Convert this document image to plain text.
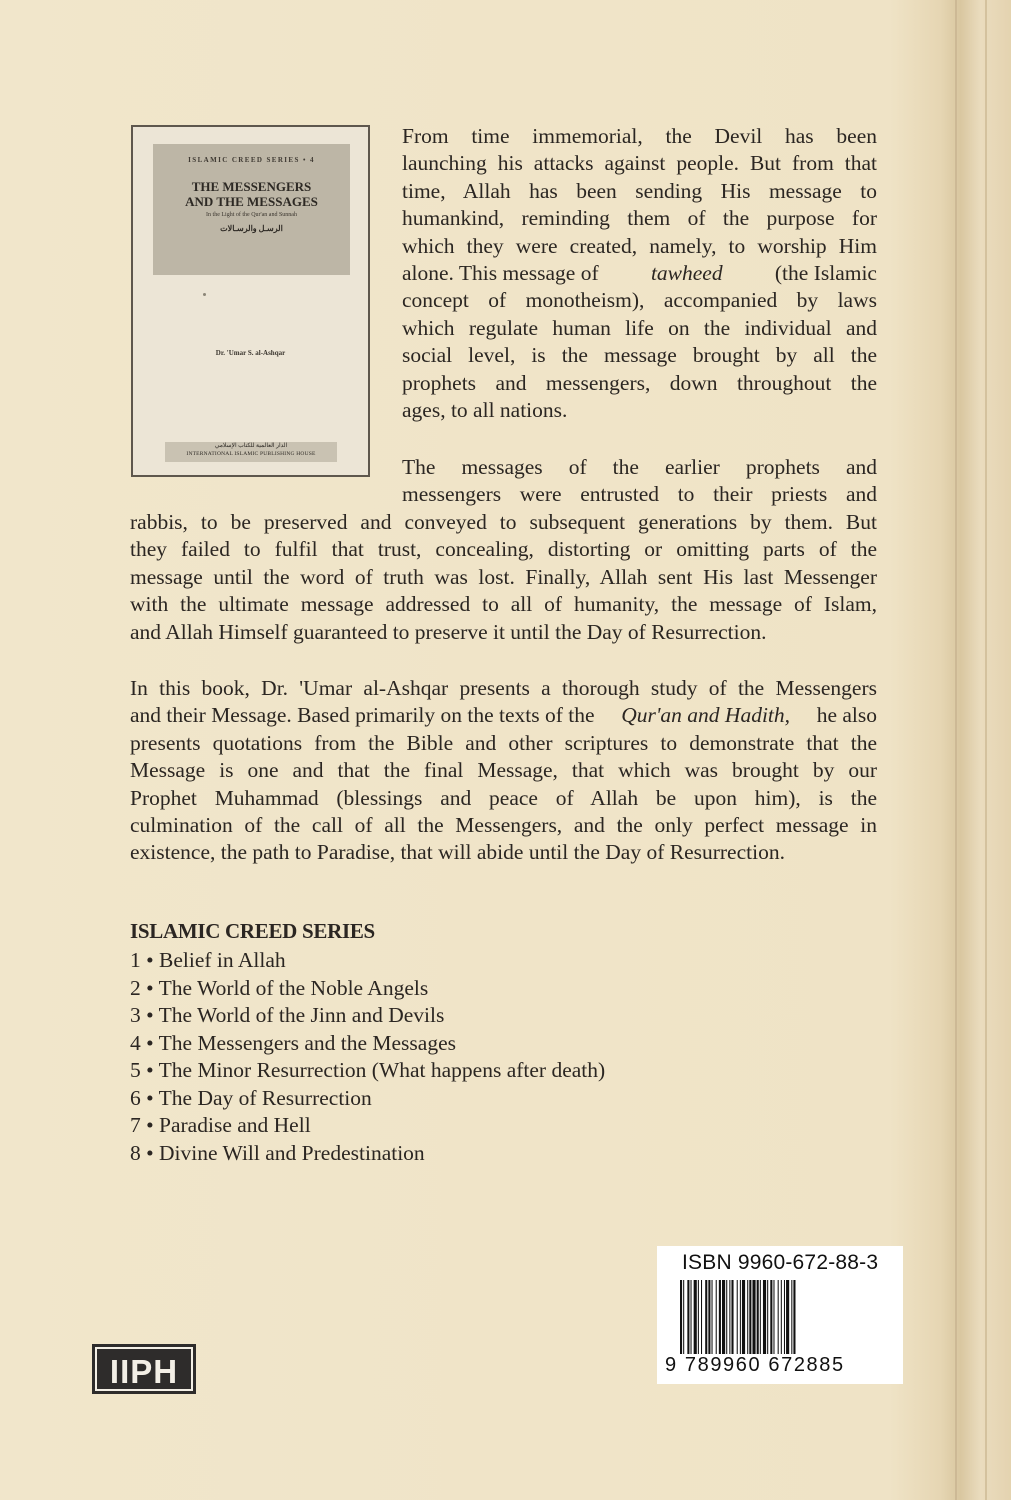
ISLAMIC CREED SERIES • 4
THE MESSENGERS
AND THE MESSAGES
In the Light of the Qur'an and Sunnah
الرسـل والرسـالات
Dr. 'Umar S. al-Ashqar
الدار العالمية للكتاب الإسلامي
INTERNATIONAL ISLAMIC PUBLISHING HOUSE
From time immemorial, the Devil has been
launching his attacks against people. But from that
time, Allah has been sending His message to
humankind, reminding them of the purpose for
which they were created, namely, to worship Him
alone. This message of tawheed (the Islamic
concept of monotheism), accompanied by laws
which regulate human life on the individual and
social level, is the message brought by all the
prophets and messengers, down throughout the
ages, to all nations.
The messages of the earlier prophets and
messengers were entrusted to their priests and
rabbis, to be preserved and conveyed to subsequent generations by them. But
they failed to fulfil that trust, concealing, distorting or omitting parts of the
message until the word of truth was lost. Finally, Allah sent His last Messenger
with the ultimate message addressed to all of humanity, the message of Islam,
and Allah Himself guaranteed to preserve it until the Day of Resurrection.
In this book, Dr. 'Umar al-Ashqar presents a thorough study of the Messengers
and their Message. Based primarily on the texts of the Qur'an and Hadith, he also
presents quotations from the Bible and other scriptures to demonstrate that the
Message is one and that the final Message, that which was brought by our
Prophet Muhammad (blessings and peace of Allah be upon him), is the
culmination of the call of all the Messengers, and the only perfect message in
existence, the path to Paradise, that will abide until the Day of Resurrection.
ISLAMIC CREED SERIES
1 • Belief in Allah
2 • The World of the Noble Angels
3 • The World of the Jinn and Devils
4 • The Messengers and the Messages
5 • The Minor Resurrection (What happens after death)
6 • The Day of Resurrection
7 • Paradise and Hell
8 • Divine Will and Predestination
ISBN 9960-672-88-3
9 789960 672885
IIPH
